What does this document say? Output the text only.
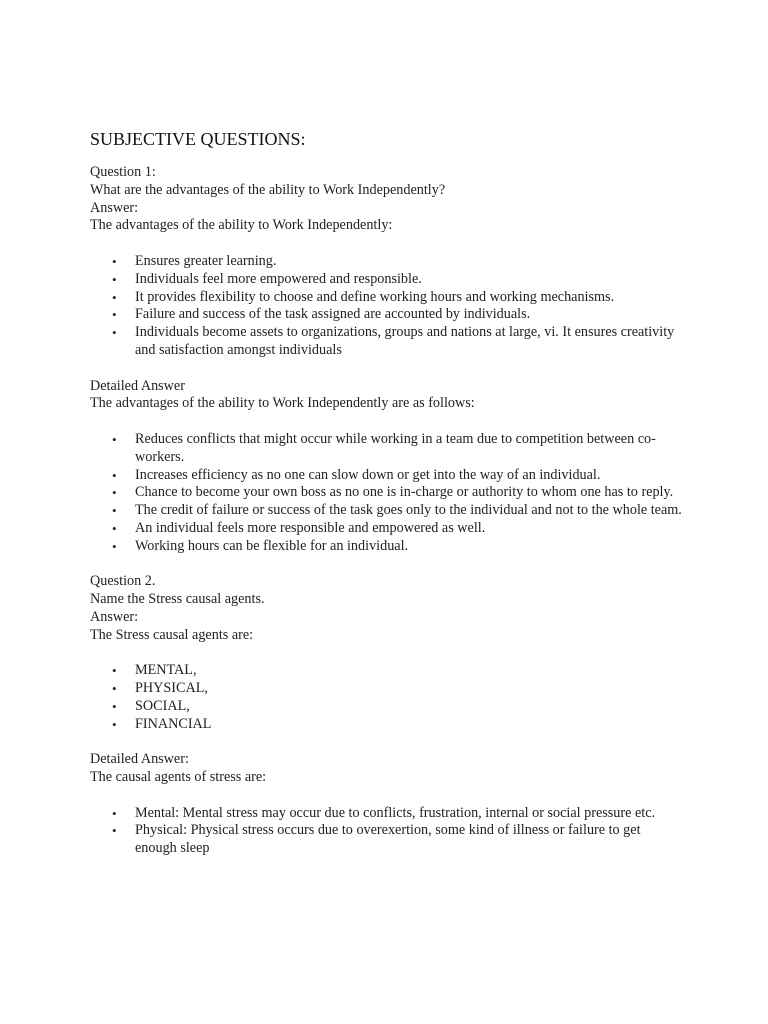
SUBJECTIVE QUESTIONS:

Question 1:

What are the advantages of the ability to Work Independently?

Answer:

The advantages of the ability to Work Independently:

• Ensures greater learning.
• Individuals feel more empowered and responsible.
• It provides flexibility to choose and define working hours and working mechanisms.
• Failure and success of the task assigned are accounted by individuals.
• Individuals become assets to organizations, groups and nations at large, vi. It ensures creativity and satisfaction amongst individuals

Detailed Answer

The advantages of the ability to Work Independently are as follows:

• Reduces conflicts that might occur while working in a team due to competition between co-workers.
• Increases efficiency as no one can slow down or get into the way of an individual.
• Chance to become your own boss as no one is in-charge or authority to whom one has to reply.
• The credit of failure or success of the task goes only to the individual and not to the whole team.
• An individual feels more responsible and empowered as well.
• Working hours can be flexible for an individual.

Question 2.

Name the Stress causal agents.

Answer:

The Stress causal agents are:

• MENTAL,
• PHYSICAL,
• SOCIAL,
• FINANCIAL

Detailed Answer:

The causal agents of stress are:

• Mental: Mental stress may occur due to conflicts, frustration, internal or social pressure etc.
• Physical: Physical stress occurs due to overexertion, some kind of illness or failure to get enough sleep
